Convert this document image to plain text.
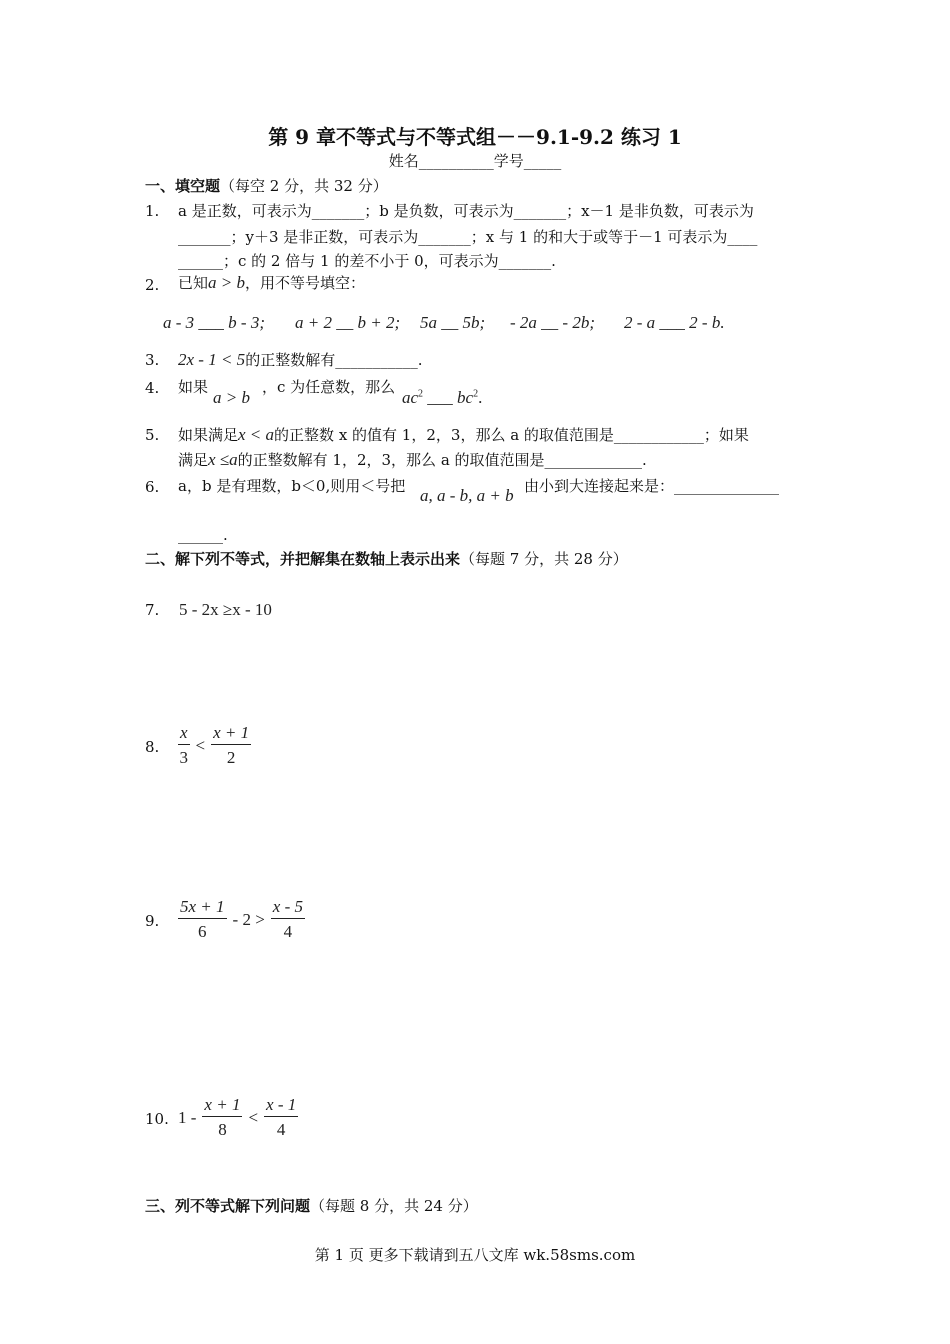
第 9 章不等式与不等式组－－9.1-9.2 练习 1
姓名__________学号_____
一、填空题（每空 2 分，共 32 分）
1. a 是正数，可表示为_______；b 是负数，可表示为_______；x－1 是非负数，可表示为
_______；y＋3 是非正数，可表示为_______；x 与 1 的和大于或等于－1 可表示为____
______；c 的 2 倍与 1 的差不小于 0，可表示为_______.
2. 已知a > b，用不等号填空：
a - 3 ___ b - 3; a + 2 __ b + 2; 5a __ 5b; - 2a __ - 2b; 2 - a ___ 2 - b.
3. 2x - 1 < 5的正整数解有___________.
4. 如果
a > b
，c 为任意数，那么
$ac^2$ ___ $bc^2$.
5. 如果满足x < a的正整数 x 的值有 1，2，3，那么 a 的取值范围是____________；如果
满足x ≤a的正整数解有 1，2，3，那么 a 的取值范围是_____________.
6. a，b 是有理数，b＜0,则用＜号把 a, a - b, a + b 由小到大连接起来是：______________
______.
二、解下列不等式，并把解集在数轴上表示出来（每题 7 分，共 28 分）
7. 5 - 2x ≥x - 10
8. $\frac{x}{3} < \frac{x + 1}{2}$
9. $\frac{5x + 1}{6} - 2 > \frac{x - 5}{4}$
10. $1 - \frac{x + 1}{8} < \frac{x - 1}{4}$
三、列不等式解下列问题（每题 8 分，共 24 分）
第 1 页 更多下载请到五八文库 wk.58sms.com
